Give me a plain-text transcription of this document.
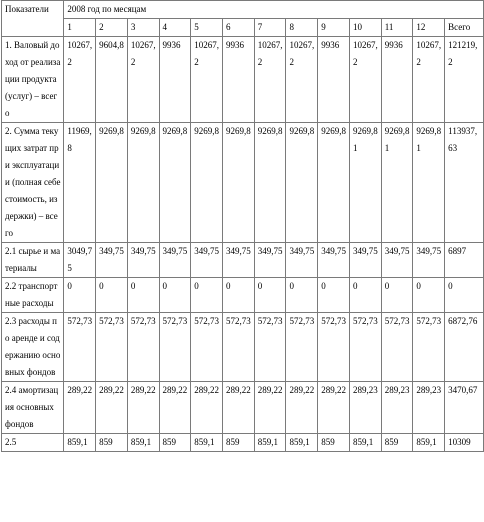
Показатели	2008 год по месяцам												
	1	2	3	4	5	6	7	8	9	10	11	12	Всего
1. Валовый доход от реализации продукта (услуг) – всего	10267,2	9604,8	10267,2	9936	10267,2	9936	10267,2	10267,2	9936	10267,2	9936	10267,2	121219,2
2. Сумма текущих затрат при эксплуатации (полная себестоимость, издержки) – всего	11969,8	9269,8	9269,8	9269,8	9269,8	9269,8	9269,8	9269,8	9269,8	9269,81	9269,81	9269,81	113937,63
2.1 сырье и материалы	3049,75	349,75	349,75	349,75	349,75	349,75	349,75	349,75	349,75	349,75	349,75	349,75	6897
2.2 транспортные расходы	0	0	0	0	0	0	0	0	0	0	0	0	0
2.3 расходы по аренде и содержанию основных фондов	572,73	572,73	572,73	572,73	572,73	572,73	572,73	572,73	572,73	572,73	572,73	572,73	6872,76
2.4 амортизация основных фондов	289,22	289,22	289,22	289,22	289,22	289,22	289,22	289,22	289,22	289,23	289,23	289,23	3470,67
2.5	859,1	859	859,1	859	859,1	859	859,1	859,1	859	859,1	859	859,1	10309
